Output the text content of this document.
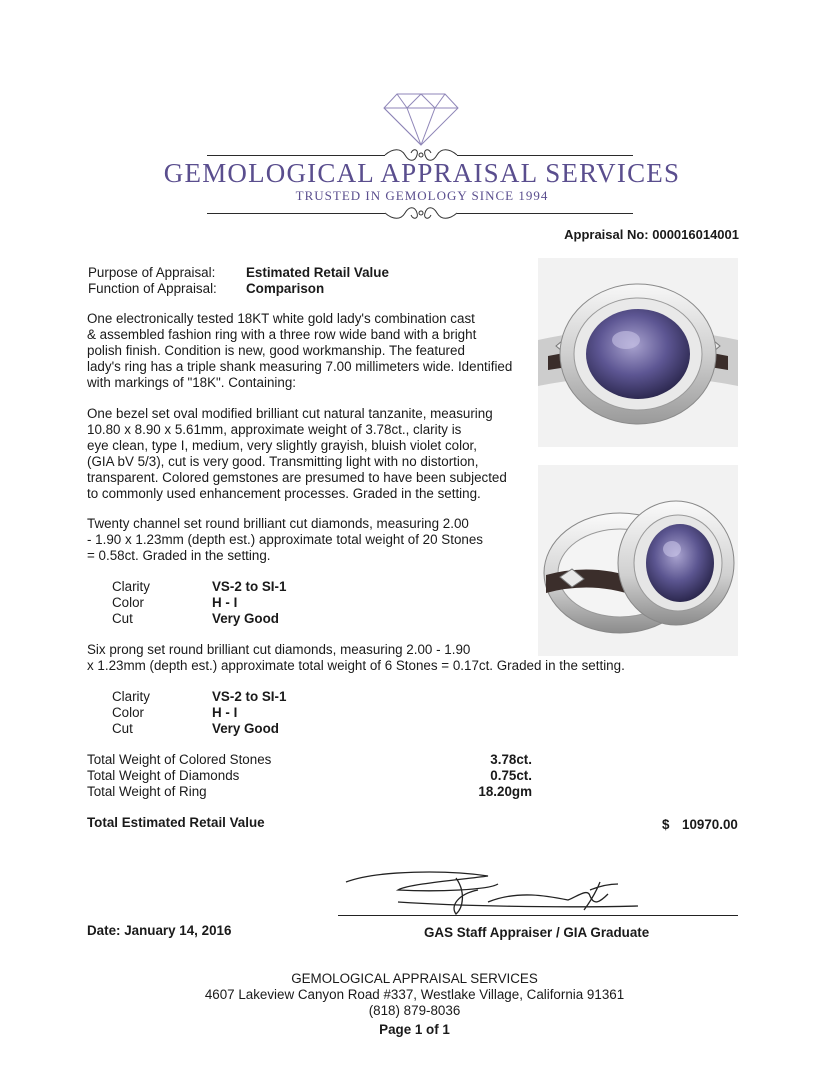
GEMOLOGICAL APPRAISAL SERVICES
TRUSTED IN GEMOLOGY SINCE 1994
Appraisal No: 000016014001
Purpose of Appraisal: Estimated Retail Value
Function of Appraisal: Comparison
One electronically tested 18KT white gold lady's combination cast
& assembled fashion ring with a three row wide band with a bright
polish finish. Condition is new, good workmanship. The featured
lady's ring has a triple shank measuring 7.00 millimeters wide. Identified
with markings of "18K". Containing:
One bezel set oval modified brilliant cut natural tanzanite, measuring
10.80 x 8.90 x 5.61mm, approximate weight of 3.78ct., clarity is
eye clean, type I, medium, very slightly grayish, bluish violet color,
(GIA bV 5/3), cut is very good. Transmitting light with no distortion,
transparent. Colored gemstones are presumed to have been subjected
to commonly used enhancement processes. Graded in the setting.
Twenty channel set round brilliant cut diamonds, measuring 2.00
- 1.90 x 1.23mm (depth est.) approximate total weight of 20 Stones
= 0.58ct. Graded in the setting.
Clarity	VS-2 to SI-1
Color	H - I
Cut	Very Good
Six prong set round brilliant cut diamonds, measuring 2.00 - 1.90
x 1.23mm (depth est.) approximate total weight of 6 Stones = 0.17ct. Graded in the setting.
Clarity	VS-2 to SI-1
Color	H - I
Cut	Very Good
Total Weight of Colored Stones	3.78ct.
Total Weight of Diamonds	0.75ct.
Total Weight of Ring	18.20gm
Total Estimated Retail Value	$ 10970.00
Date: January 14, 2016	GAS Staff Appraiser / GIA Graduate
GEMOLOGICAL APPRAISAL SERVICES
4607 Lakeview Canyon Road #337, Westlake Village, California 91361
(818) 879-8036
Page 1 of 1
